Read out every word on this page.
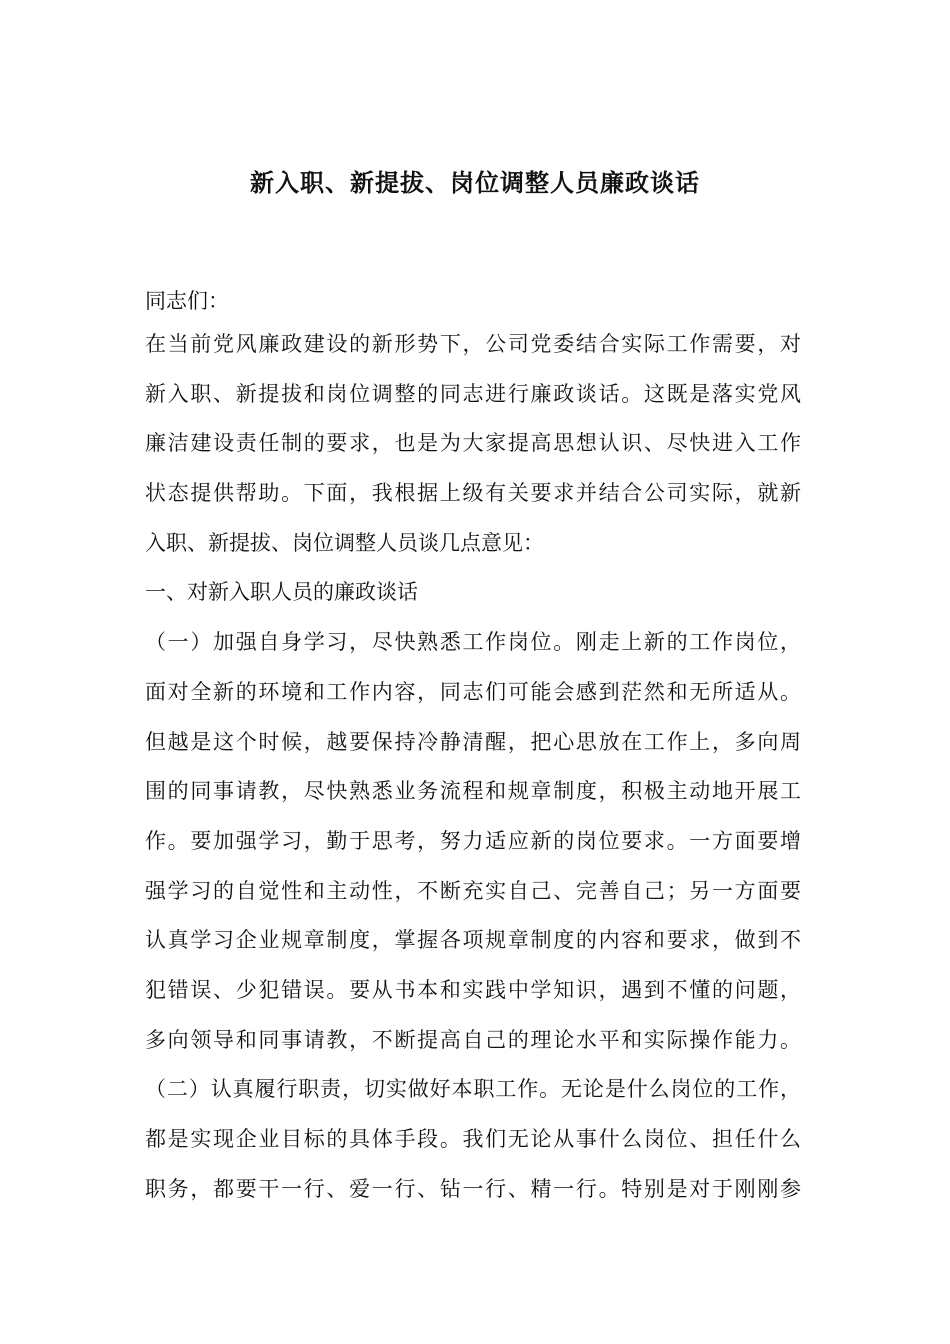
新入职、新提拔、岗位调整人员廉政谈话
同志们：
在当前党风廉政建设的新形势下，公司党委结合实际工作需要，对
新入职、新提拔和岗位调整的同志进行廉政谈话。这既是落实党风
廉洁建设责任制的要求，也是为大家提高思想认识、尽快进入工作
状态提供帮助。下面，我根据上级有关要求并结合公司实际，就新
入职、新提拔、岗位调整人员谈几点意见：
一、对新入职人员的廉政谈话
（一）加强自身学习，尽快熟悉工作岗位。刚走上新的工作岗位，
面对全新的环境和工作内容，同志们可能会感到茫然和无所适从。
但越是这个时候，越要保持冷静清醒，把心思放在工作上，多向周
围的同事请教，尽快熟悉业务流程和规章制度，积极主动地开展工
作。要加强学习，勤于思考，努力适应新的岗位要求。一方面要增
强学习的自觉性和主动性，不断充实自己、完善自己；另一方面要
认真学习企业规章制度，掌握各项规章制度的内容和要求，做到不
犯错误、少犯错误。要从书本和实践中学知识，遇到不懂的问题，
多向领导和同事请教，不断提高自己的理论水平和实际操作能力。
（二）认真履行职责，切实做好本职工作。无论是什么岗位的工作，
都是实现企业目标的具体手段。我们无论从事什么岗位、担任什么
职务，都要干一行、爱一行、钻一行、精一行。特别是对于刚刚参
